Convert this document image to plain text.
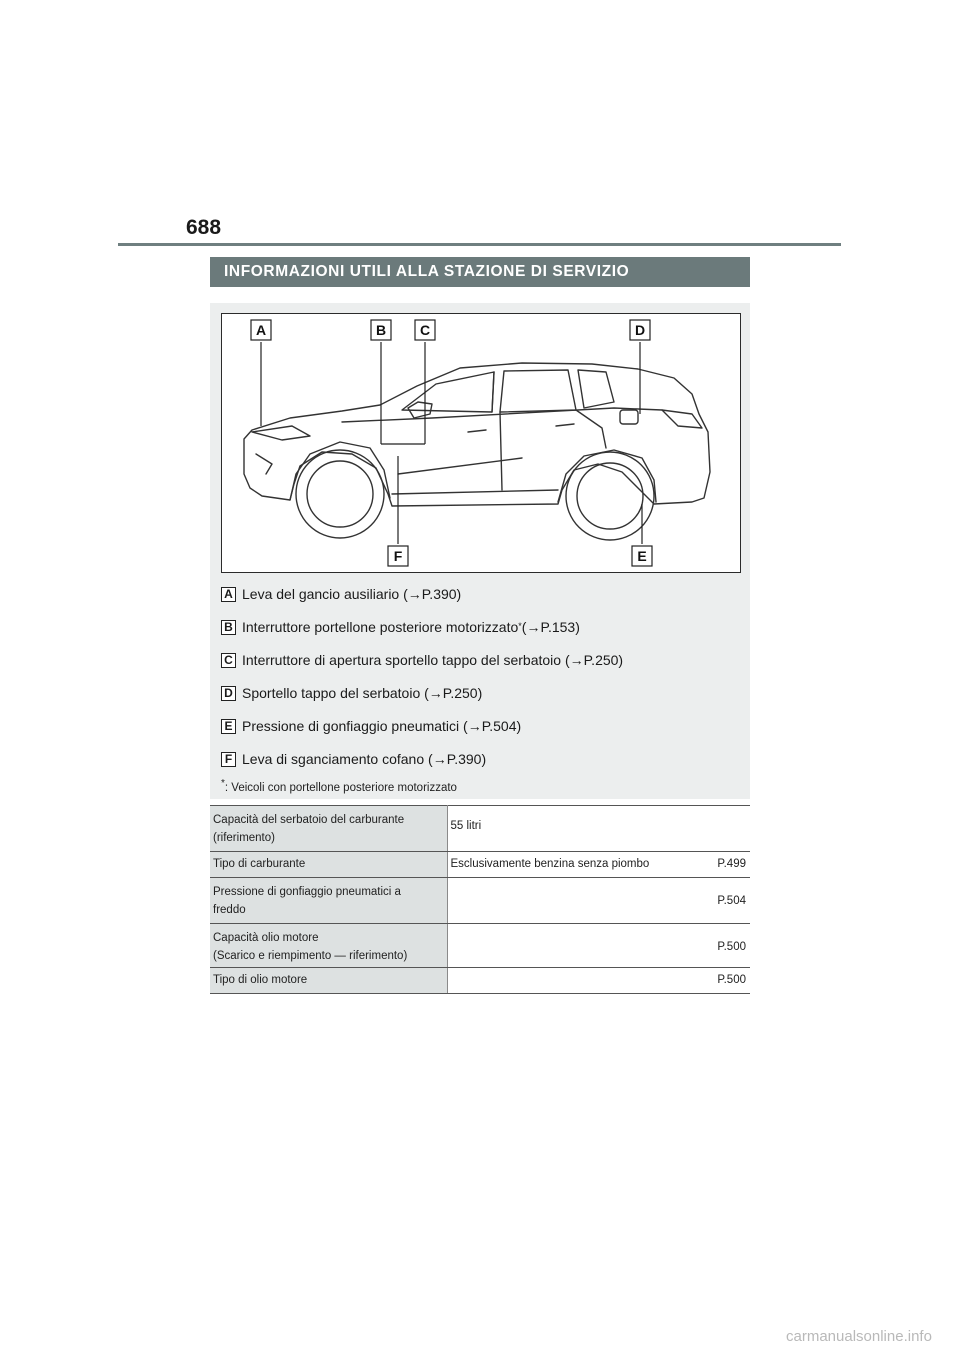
688
INFORMAZIONI UTILI ALLA STAZIONE DI SERVIZIO
A	B C	D
E
F
A Leva del gancio ausiliario ( → P.390)
B Interruttore portellone posteriore motorizzato* ( → P.153)
C Interruttore di apertura sportello tappo del serbatoio ( → P.250)
D Sportello tappo del serbatoio ( → P.250)
E Pressione di gonfiaggio pneumatici ( → P.504)
F Leva di sganciamento cofano ( → P.390)
*: Veicoli con portellone posteriore motorizzato
Capacità del serbatoio del carburante
(riferimento)	55 litri

Tipo di carburante	Esclusivamente benzina senza piombo P.499

Pressione di gonfiaggio pneumatici a
freddo	P.504

Capacità olio motore
(Scarico e riempimento — riferimento)	P.500

Tipo di olio motore	P.500
carmanualsonline.info
